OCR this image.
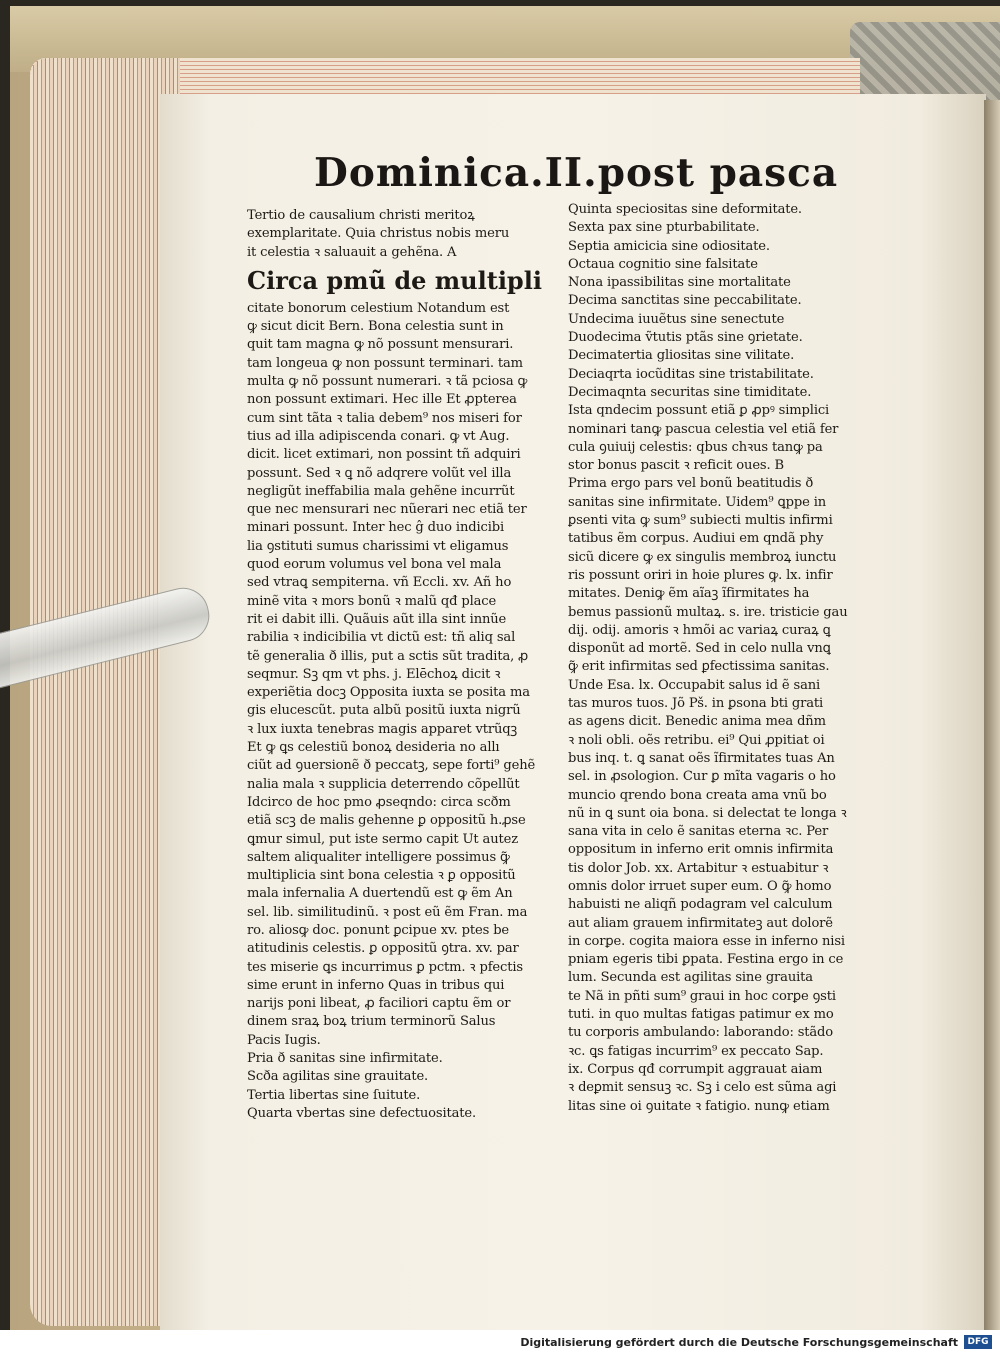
Dominica.II.post pasca
Tertio de causalium christi meritoꝝ
exemplaritate. Quia christus nobis meru
it celestia ꝛ saluauit a gehẽna. A
Circa pmũ de multipli
citate bonorum celestium Notandum est
ꝙ sicut dicit Bern. Bona celestia sunt in
quit tam magna ꝙ nõ possunt mensurari.
tam longeua ꝙ non possunt terminari. tam
multa ꝙ nõ possunt numerari. ꝛ tã pciosa ꝙ
non possunt extimari. Hec ille Et ꝓpterea
cum sint tãta ꝛ talia debem⁹ nos miseri for
tius ad illa adipiscenda conari. ꝙ vt Aug.
dicit. licet extimari, non possint tñ adquiri
possunt. Sed ꝛ ꝗ nõ adqrere volũt vel illa
negligũt ineffabilia mala gehẽne incurrũt
que nec mensurari nec nũerari nec etiã ter
minari possunt. Inter hec ĝ duo indicibi
lia ꝯstituti sumus charissimi vt eligamus
quod eorum volumus vel bona vel mala
sed vtraꝗ sempiterna. vñ Eccli. xv. Añ ho
minẽ vita ꝛ mors bonũ ꝛ malũ qđ place
rit ei dabit illi. Quãuis aũt illa sint innũe
rabilia ꝛ indicibilia vt dictũ est: tñ aliq sal
tẽ generalia ð illis, put a sctis sũt tradita, ꝓ
seqmur. Sꝫ qm vt phs. j. Elēchoꝝ dicit ꝛ
experiẽtia docꝫ Opposita iuxta se posita ma
gis elucescũt. puta albũ positũ iuxta nigrũ
ꝛ lux iuxta tenebras magis apparet vtrũqꝫ
Et ꝙ ꝗs celestiũ bonoꝝ desideria no allı
ciũt ad ꝯuersionẽ ð peccatꝫ, sepe forti⁹ gehẽ
nalia mala ꝛ supplicia deterrendo cõpellũt
Idcirco de hoc pmo ꝓseqndo: circa scðm
etiã scꝫ de malis gehenne ꝑ oppositũ h.ꝓse
ꝗmur simul, put iste sermo capit Ut autez
saltem aliqualiter intelligere possimus ꝙ̃
multiplicia sint bona celestia ꝛ ꝑ oppositũ
mala infernalia A duertendũ est ꝙ ẽm An
sel. lib. similitudinũ. ꝛ post eũ ẽm Fran. ma
ro. aliosꝙ doc. ponunt ꝑcipue xv. ptes be
atitudinis celestis. ꝑ oppositũ ꝯtra. xv. par
tes miserie ꝗs incurrimus ꝑ pctm. ꝛ pfectis
sime erunt in inferno Quas in tribus qui
narijs poni libeat, ꝓ faciliori captu ẽm or
dinem sraꝝ boꝝ trium terminorũ Salus
Pacis Iugis.
Pria ð sanitas sine infirmitate.
Scða agilitas sine grauitate.
Tertia libertas sine ſuitute.
Quarta vbertas sine defectuositate.
Quinta speciositas sine deformitate.
Sexta pax sine pturbabilitate.
Septia amicicia sine odiositate.
Octaua cognitio sine falsitate
Nona ipassibilitas sine mortalitate
Decima sanctitas sine peccabilitate.
Undecima iuuẽtus sine senectute
Duodecima ṽtutis ptãs sine ꝯrietate.
Decimatertia gliositas sine vilitate.
Deciaqrta iocũditas sine tristabilitate.
Decimaqnta securitas sine timiditate.
Ista qndecim possunt etiã ꝑ ꝓpꝰ simplici
nominari tanꝙ pascua celestia vel etiã fer
cula ꝯuiuij celestis: qbus chꝛus tanꝙ pa
stor bonus pascit ꝛ reficit oues. B
Prima ergo pars vel bonũ beatitudis ð
sanitas sine infirmitate. Uidem⁹ ꝗppe in
ꝑsenti vita ꝙ sum⁹ subiecti multis infirmi
tatibus ẽm corpus. Audiui em qndã phy
sicũ dicere ꝙ ex singulis membroꝝ iunctu
ris possunt oriri in hoie plures ꝙ. lx. infir
mitates. Deniꝙ ẽm aĩaꝫ ĩfirmitates ha
bemus passionũ multaꝝ. s. ire. tristicie gau
dij. odij. amoris ꝛ hmõi ac variaꝝ curaꝝ ꝗ
disponũt ad mortẽ. Sed in celo nulla vnꝗ
ꝙ̃ erit infirmitas sed ꝑfectissima sanitas.
Unde Esa. lx. Occupabit salus id ẽ sani
tas muros tuos. Jõ Pš. in ꝑsona bti grati
as agens dicit. Benedic anima mea dñm
ꝛ noli obli. oẽs retribu. ei⁹ Qui ꝓpitiat oi
bus inq. t. ꝗ sanat oẽs ĩfirmitates tuas An
sel. in ꝓsologion. Cur ꝑ mĩta vagaris o ho
muncio qrendo bona creata ama vnũ bo
nũ in ꝗ sunt oia bona. si delectat te longa ꝛ
sana vita in celo ẽ sanitas eterna ꝛc. Per
oppositum in inferno erit omnis infirmita
tis dolor Job. xx. Artabitur ꝛ estuabitur ꝛ
omnis dolor irruet super eum. O ꝙ̃ homo
habuisti ne aliqñ podagram vel calculum
aut aliam grauem infirmitateꝫ aut dolorẽ
in corꝑe. cogita maiora esse in inferno nisi
pniam egeris tibi ꝑpata. Festina ergo in ce
lum. Secunda est agilitas sine grauita
te Nã in pñti sum⁹ graui in hoc corꝑe ꝯsti
tuti. in quo multas fatigas patimur ex mo
tu corporis ambulando: laborando: stãdo
ꝛc. ꝗs fatigas incurrim⁹ ex peccato Sap.
ix. Corpus qđ corrumpit aggrauat aiam
ꝛ deꝑmit sensuꝫ ꝛc. Sꝫ i celo est sũma agi
litas sine oi ꝯuitate ꝛ fatigio. nunꝙ etiam
Digitalisierung gefördert durch die Deutsche Forschungsgemeinschaft	DFG
